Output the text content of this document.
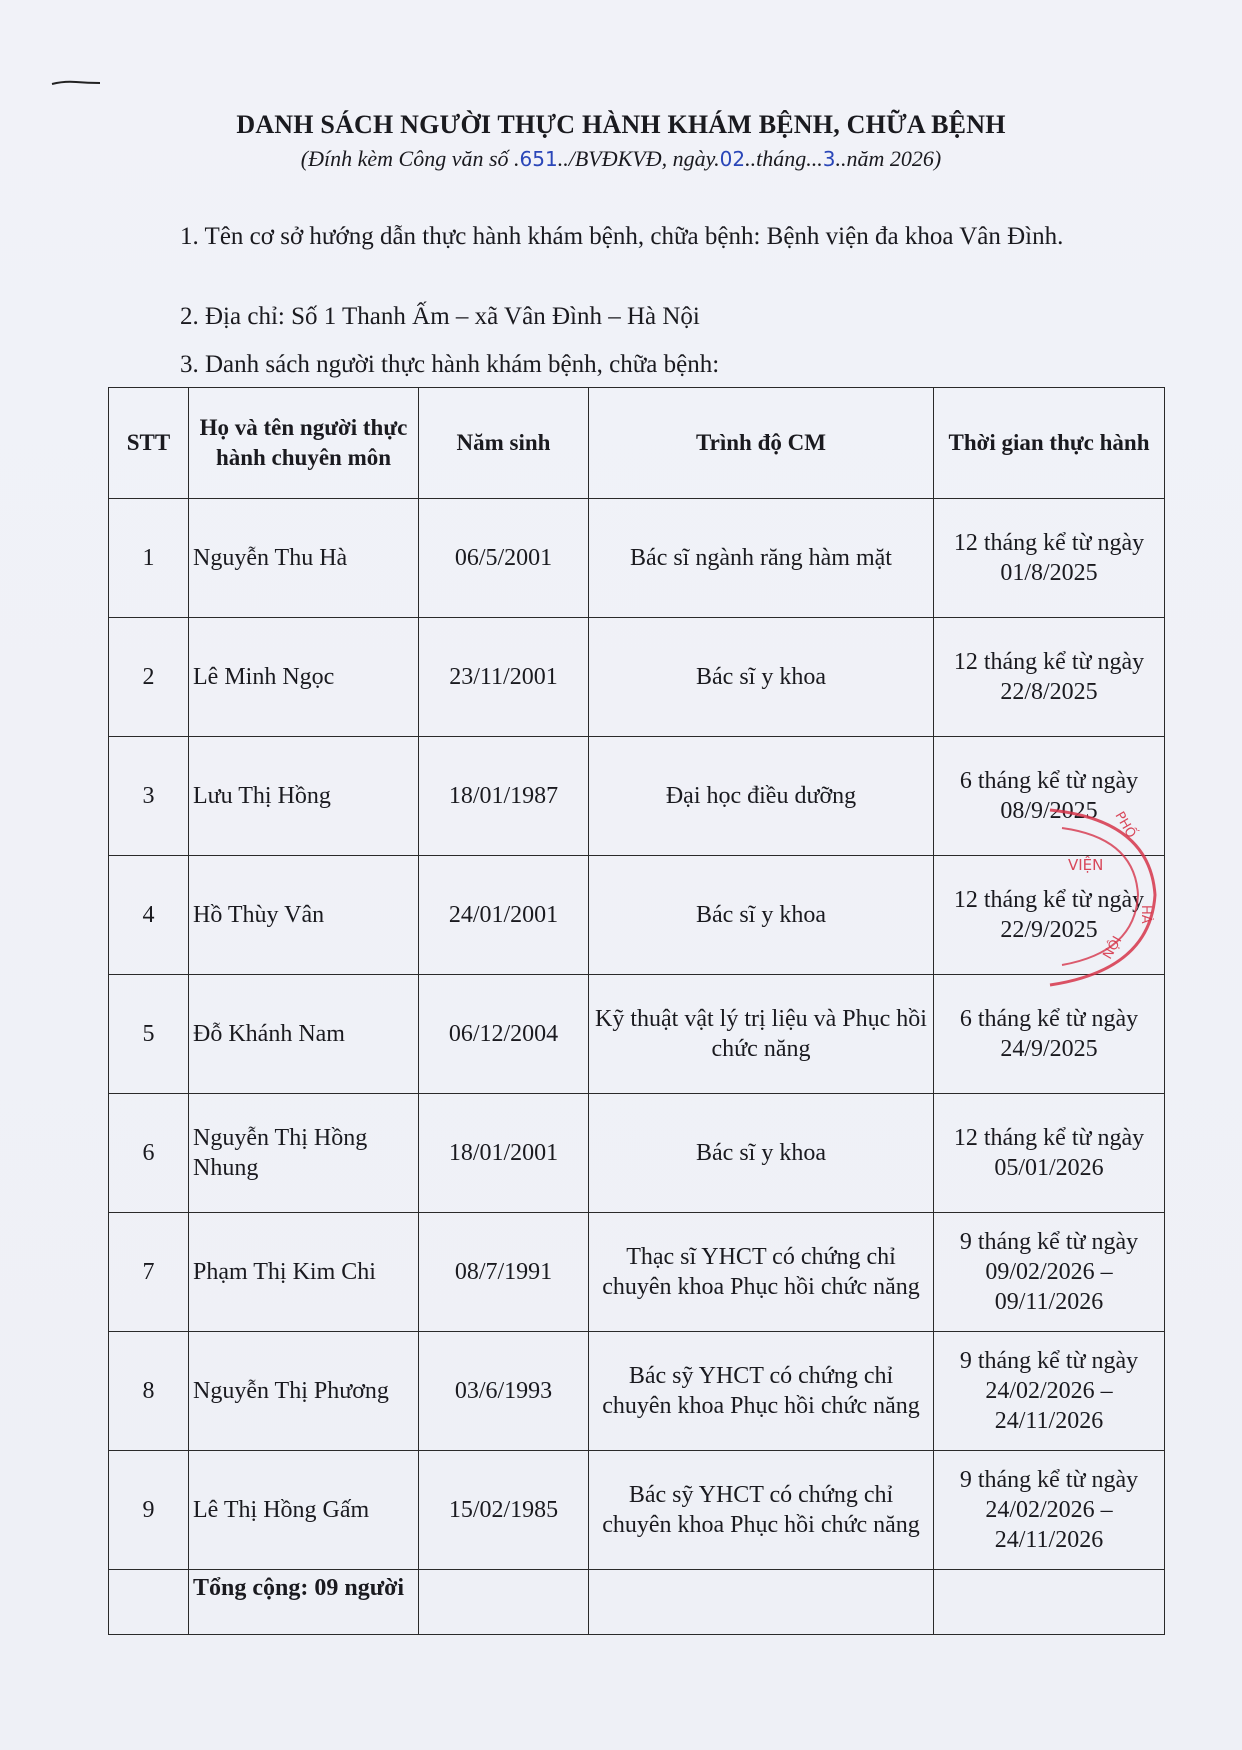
DANH SÁCH NGƯỜI THỰC HÀNH KHÁM BỆNH, CHỮA BỆNH
(Đính kèm Công văn số .651../BVĐKVĐ, ngày.02..tháng...3..năm 2026)
1. Tên cơ sở hướng dẫn thực hành khám bệnh, chữa bệnh: Bệnh viện đa khoa Vân Đình.
2. Địa chỉ: Số 1 Thanh Ấm – xã Vân Đình – Hà Nội
3. Danh sách người thực hành khám bệnh, chữa bệnh:
STT	Họ và tên người thực hành chuyên môn	Năm sinh	Trình độ CM	Thời gian thực hành
1	Nguyễn Thu Hà	06/5/2001	Bác sĩ ngành răng hàm mặt	12 tháng kể từ ngày 01/8/2025
2	Lê Minh Ngọc	23/11/2001	Bác sĩ y khoa	12 tháng kể từ ngày 22/8/2025
3	Lưu Thị Hồng	18/01/1987	Đại học điều dưỡng	6 tháng kể từ ngày 08/9/2025
4	Hồ Thùy Vân	24/01/2001	Bác sĩ y khoa	12 tháng kể từ ngày 22/9/2025
5	Đỗ Khánh Nam	06/12/2004	Kỹ thuật vật lý trị liệu và Phục hồi chức năng	6 tháng kể từ ngày 24/9/2025
6	Nguyễn Thị Hồng Nhung	18/01/2001	Bác sĩ y khoa	12 tháng kể từ ngày 05/01/2026
7	Phạm Thị Kim Chi	08/7/1991	Thạc sĩ YHCT có chứng chỉ chuyên khoa Phục hồi chức năng	9 tháng kể từ ngày 09/02/2026 – 09/11/2026
8	Nguyễn Thị Phương	03/6/1993	Bác sỹ YHCT có chứng chỉ chuyên khoa Phục hồi chức năng	9 tháng kể từ ngày 24/02/2026 – 24/11/2026
9	Lê Thị Hồng Gấm	15/02/1985	Bác sỹ YHCT có chứng chỉ chuyên khoa Phục hồi chức năng	9 tháng kể từ ngày 24/02/2026 – 24/11/2026
	Tổng cộng: 09 người			
VIỆN
PHỐ
HÀ
NỘI
